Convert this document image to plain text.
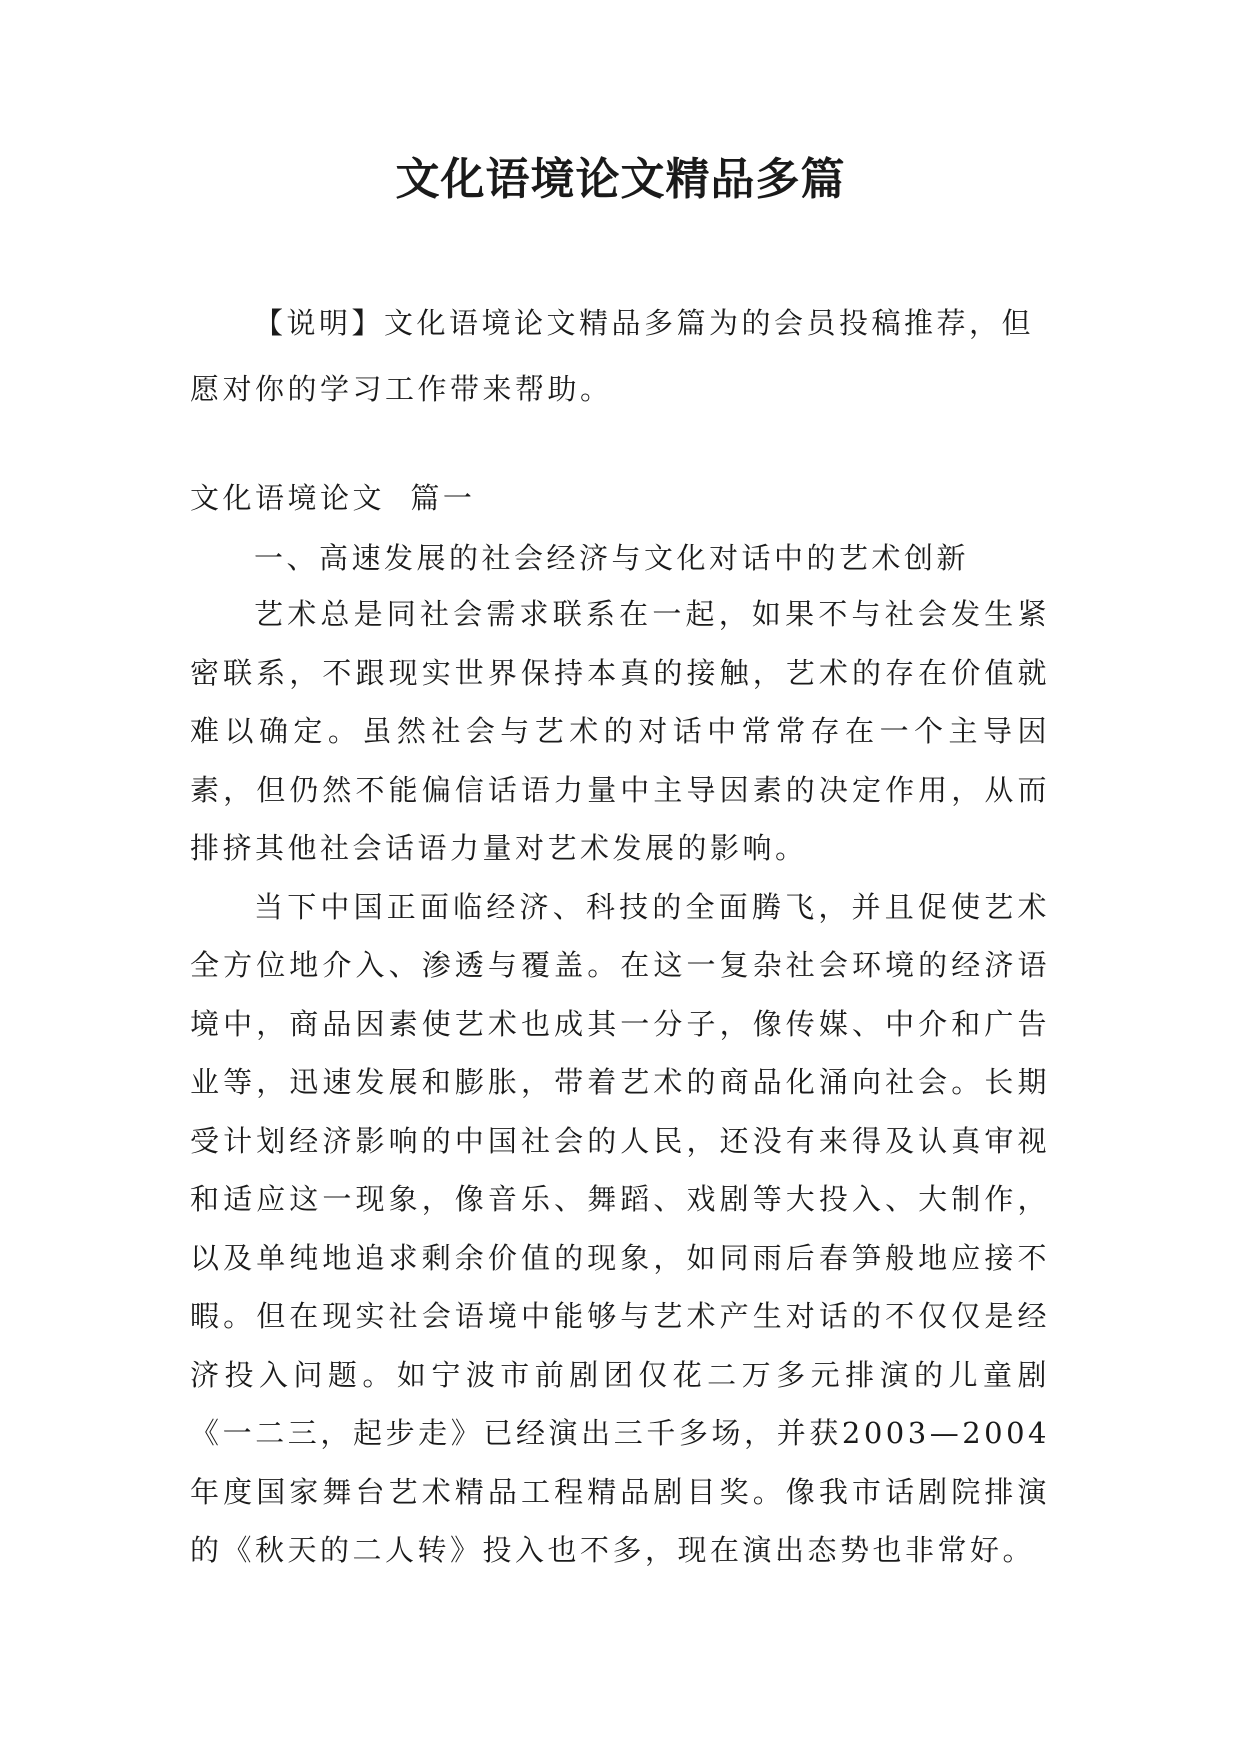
文化语境论文精品多篇

【说明】文化语境论文精品多篇为的会员投稿推荐，但愿对你的学习工作带来帮助。

文化语境论文  篇一

一、高速发展的社会经济与文化对话中的艺术创新

艺术总是同社会需求联系在一起，如果不与社会发生紧密联系，不跟现实世界保持本真的接触，艺术的存在价值就难以确定。虽然社会与艺术的对话中常常存在一个主导因素，但仍然不能偏信话语力量中主导因素的决定作用，从而排挤其他社会话语力量对艺术发展的影响。

当下中国正面临经济、科技的全面腾飞，并且促使艺术全方位地介入、渗透与覆盖。在这一复杂社会环境的经济语境中，商品因素使艺术也成其一分子，像传媒、中介和广告业等，迅速发展和膨胀，带着艺术的商品化涌向社会。长期受计划经济影响的中国社会的人民，还没有来得及认真审视和适应这一现象，像音乐、舞蹈、戏剧等大投入、大制作，以及单纯地追求剩余价值的现象，如同雨后春笋般地应接不暇。但在现实社会语境中能够与艺术产生对话的不仅仅是经济投入问题。如宁波市前剧团仅花二万多元排演的儿童剧《一二三，起步走》已经演出三千多场，并获2003—2004年度国家舞台艺术精品工程精品剧目奖。像我市话剧院排演的《秋天的二人转》投入也不多，现在演出态势也非常好。
